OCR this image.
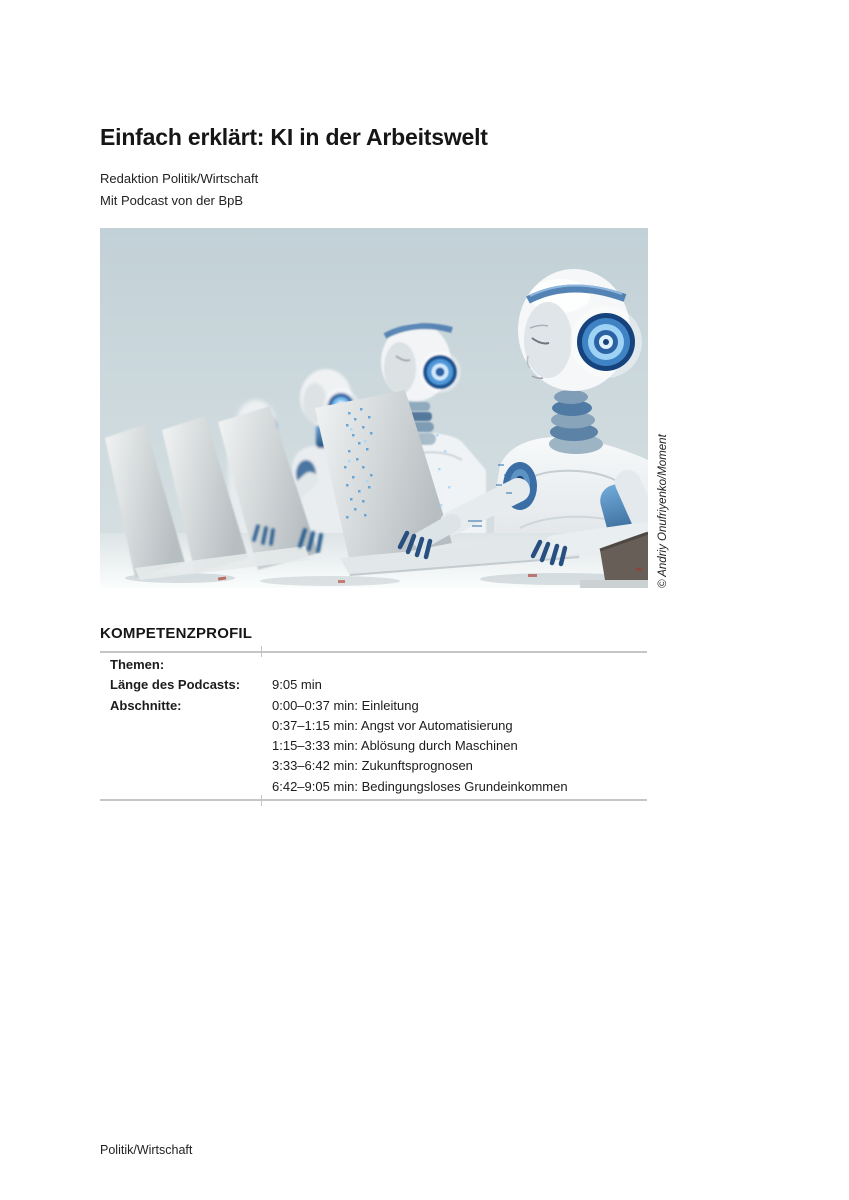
Einfach erklärt: KI in der Arbeitswelt
Redaktion Politik/Wirtschaft
Mit Podcast von der BpB
© Andriy Onufriyenko/Moment
KOMPETENZPROFIL
Themen:
Länge des Podcasts:	9:05 min
Abschnitte:	0:00–0:37 min: Einleitung
0:37–1:15 min: Angst vor Automatisierung
1:15–3:33 min: Ablösung durch Maschinen
3:33–6:42 min: Zukunftsprognosen
6:42–9:05 min: Bedingungsloses Grundeinkommen
Politik/Wirtschaft
